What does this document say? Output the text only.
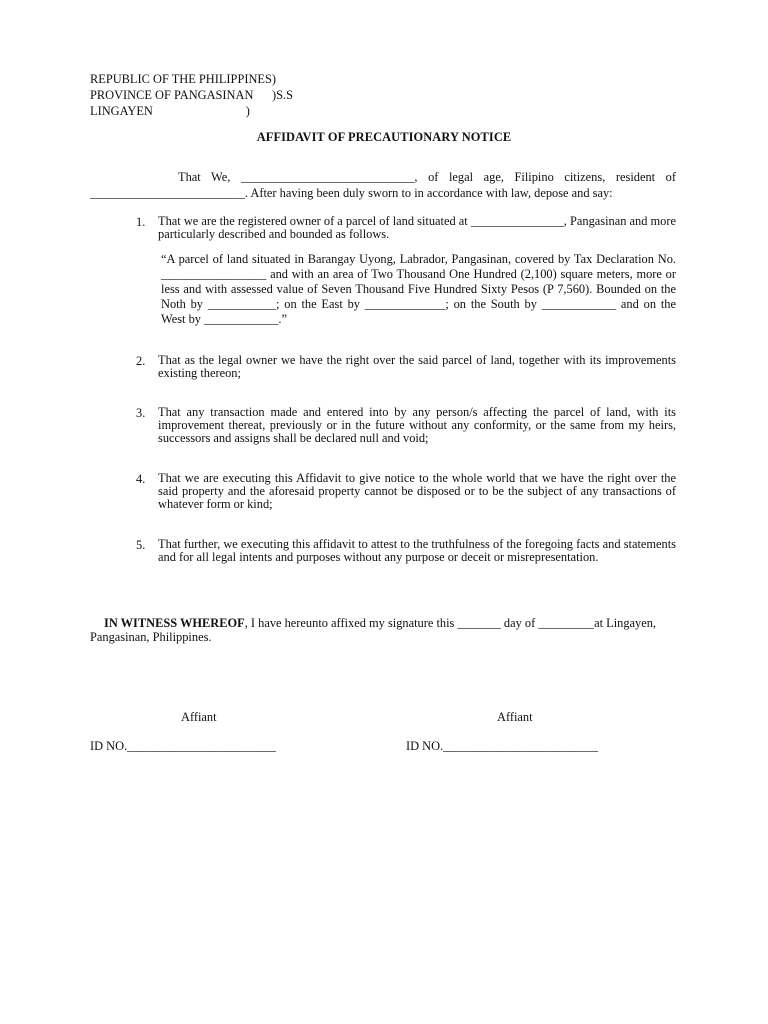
REPUBLIC OF THE PHILIPPINES)
PROVINCE OF PANGASINAN      )S.S
LINGAYEN                              )
AFFIDAVIT OF PRECAUTIONARY NOTICE
That We, ____________________________, of legal age, Filipino citizens, resident of _________________________. After having been duly sworn to in accordance with law, depose and say:
1.	That we are the registered owner of a parcel of land situated at _______________, Pangasinan and more particularly described and bounded as follows.
“A parcel of land situated in Barangay Uyong, Labrador, Pangasinan, covered by Tax Declaration No. _________________ and with an area of Two Thousand One Hundred (2,100) square meters, more or less and with assessed value of Seven Thousand Five Hundred Sixty Pesos (P 7,560). Bounded on the Noth by ___________; on the East by _____________; on the South by ____________ and on the West by ____________.”
2.	That as the legal owner we have the right over the said parcel of land, together with its improvements existing thereon;
3.	That any transaction made and entered into by any person/s affecting the parcel of land, with its improvement thereat, previously or in the future without any conformity, or the same from my heirs, successors and assigns shall be declared null and void;
4.	That we are executing this Affidavit to give notice to the whole world that we have the right over the said property and the aforesaid property cannot be disposed or to be the subject of any transactions of whatever form or kind;
5.	That further, we executing this affidavit to attest to the truthfulness of the foregoing facts and statements and for all legal intents and purposes without any purpose or deceit or misrepresentation.
IN WITNESS WHEREOF, I have hereunto affixed my signature this _______ day of _________at Lingayen, Pangasinan, Philippines.
Affiant	Affiant
ID NO.________________________	ID NO._________________________
